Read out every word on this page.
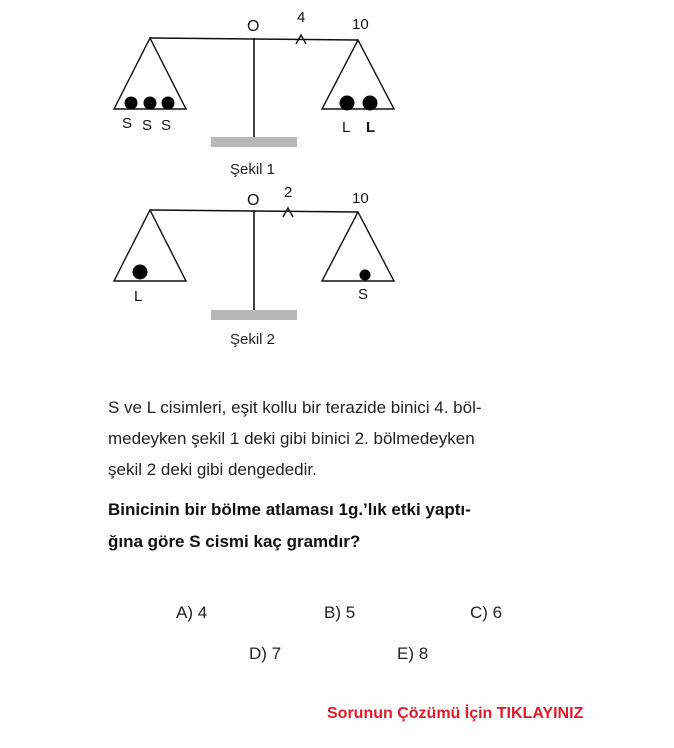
O
4	10
S S S	L L
Şekil 1
O 2	10
L	S
Şekil 2

S ve L cisimleri, eşit kollu bir terazide binici 4. böl-

medeyken şekil 1 deki gibi binici 2. bölmedeyken

şekil 2 deki gibi dengededir.

Binicinin bir bölme atlaması 1g.’lık etki yaptı-
ğına göre S cismi kaç gramdır?
A) 4	B) 5	C) 6
D) 7	E) 8
Sorunun Çözümü İçin TIKLAYINIZ
